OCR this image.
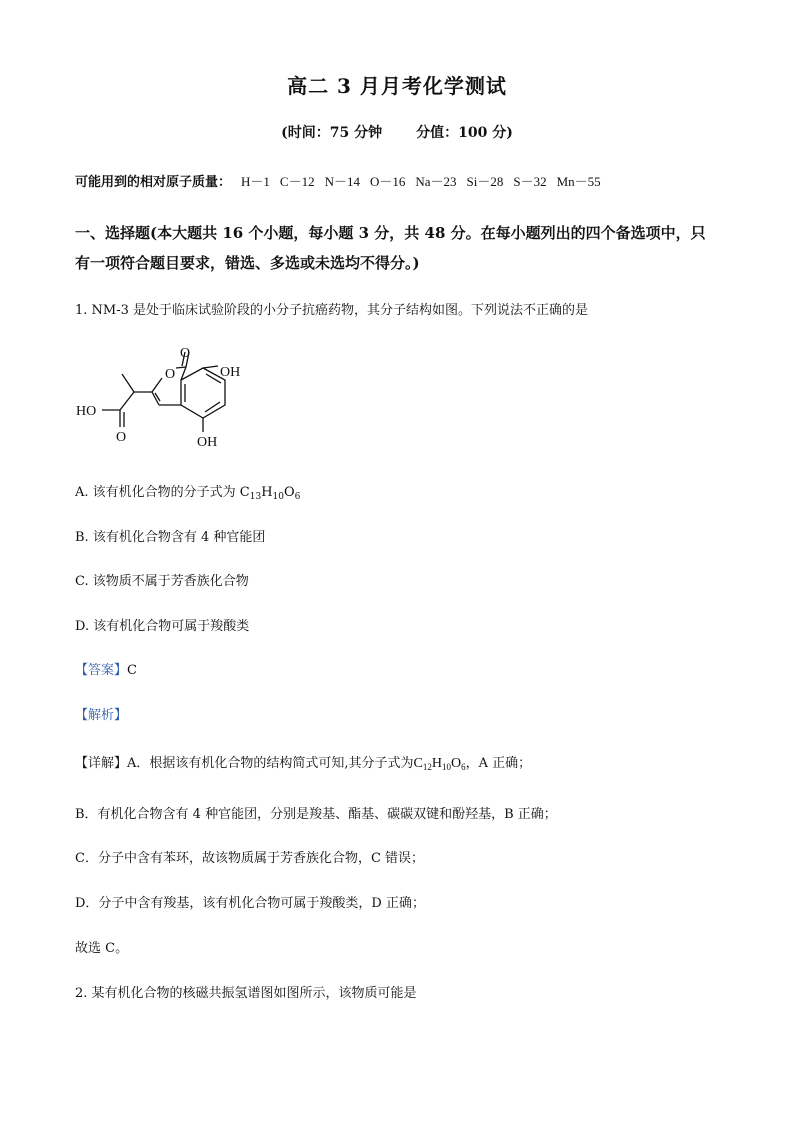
高二 3 月月考化学测试
(时间：75 分钟 分值：100 分)
可能用到的相对原子质量： H－1 C－12 N－14 O－16 Na－23 Si－28 S－32 Mn－55
一、选择题(本大题共 16 个小题，每小题 3 分，共 48 分。在每小题列出的四个备选项中，只
有一项符合题目要求，错选、多选或未选均不得分。)
1. NM-3 是处于临床试验阶段的小分子抗癌药物，其分子结构如图。下列说法不正确的是
O
O	OH
HO
O	OH
A. 该有机化合物的分子式为 $C_{13}H_{10}O_6$
B. 该有机化合物含有 4 种官能团
C. 该物质不属于芳香族化合物
D. 该有机化合物可属于羧酸类
【答案】C
【解析】
【详解】A．根据该有机化合物的结构简式可知,其分子式为$C_{12}H_{10}O_6$，A 正确；
B．有机化合物含有 4 种官能团，分别是羧基、酯基、碳碳双键和酚羟基，B 正确；
C．分子中含有苯环，故该物质属于芳香族化合物，C 错误；
D．分子中含有羧基，该有机化合物可属于羧酸类，D 正确；
故选 C。
2. 某有机化合物的核磁共振氢谱图如图所示，该物质可能是
